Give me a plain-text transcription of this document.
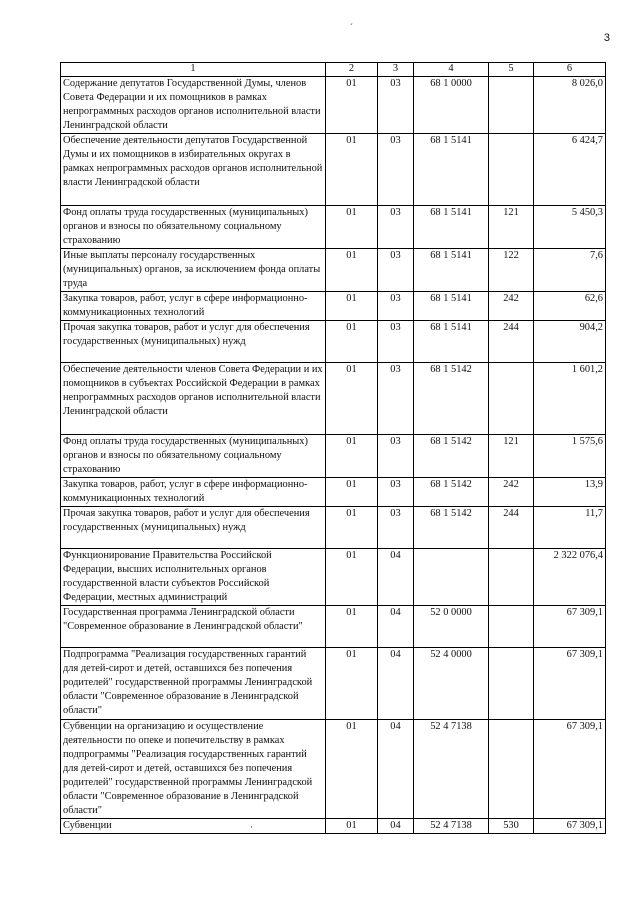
´
3
1	2	3	4	5	6
Содержание депутатов Государственной Думы, членов Совета Федерации и их помощников в рамках непрограммных расходов органов исполнительной власти Ленинградской области	01	03	68 1 0000		8 026,0
Обеспечение деятельности депутатов Государственной Думы и их помощников в избирательных округах в рамках непрограммных расходов органов исполнительной власти Ленинградской области	01	03	68 1 5141		6 424,7
Фонд оплаты труда государственных (муниципальных) органов и взносы по обязательному социальному страхованию	01	03	68 1 5141	121	5 450,3
Иные выплаты персоналу государственных (муниципальных) органов, за исключением фонда оплаты труда	01	03	68 1 5141	122	7,6
Закупка товаров, работ, услуг в сфере информационно-коммуникационных технологий	01	03	68 1 5141	242	62,6
Прочая закупка товаров, работ и услуг для обеспечения государственных (муниципальных) нужд	01	03	68 1 5141	244	904,2
Обеспечение деятельности членов Совета Федерации и их помощников в субъектах Российской Федерации в рамках непрограммных расходов органов исполнительной власти Ленинградской области	01	03	68 1 5142		1 601,2
Фонд оплаты труда государственных (муниципальных) органов и взносы по обязательному социальному страхованию	01	03	68 1 5142	121	1 575,6
Закупка товаров, работ, услуг в сфере информационно-коммуникационных технологий	01	03	68 1 5142	242	13,9
Прочая закупка товаров, работ и услуг для обеспечения государственных (муниципальных) нужд	01	03	68 1 5142	244	11,7
Функционирование Правительства Российской Федерации, высших исполнительных органов государственной власти субъектов Российской Федерации, местных администраций	01	04			2 322 076,4
Государственная программа Ленинградской области "Современное образование в Ленинградской области"	01	04	52 0 0000		67 309,1
Подпрограмма "Реализация государственных гарантий для детей-сирот и детей, оставшихся без попечения родителей" государственной программы Ленинградской области "Современное образование в Ленинградской области"	01	04	52 4 0000		67 309,1
Субвенции на организацию и осуществление деятельности по опеке и попечительству в рамках подпрограммы "Реализация государственных гарантий для детей-сирот и детей, оставшихся без попечения родителей" государственной программы Ленинградской области "Современное образование в Ленинградской области"	01	04	52 4 7138		67 309,1
Субвенции	01	04	52 4 7138	530	67 309,1
·
